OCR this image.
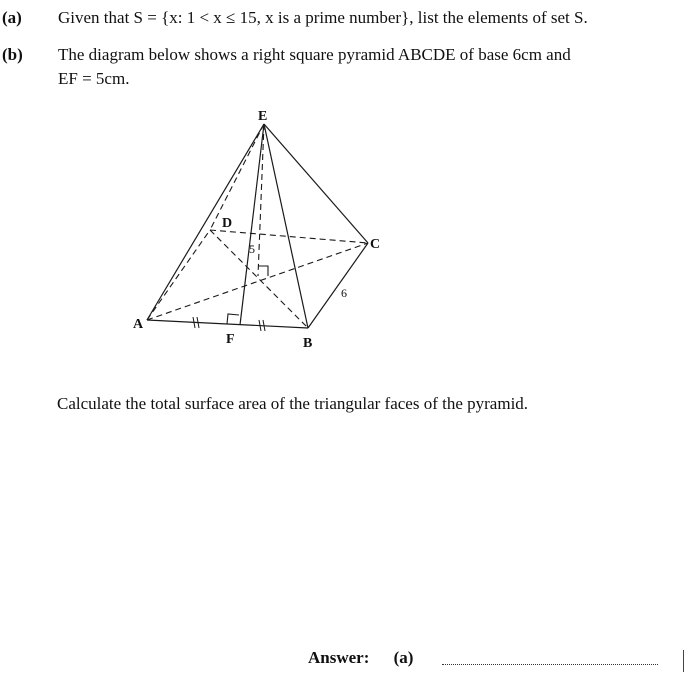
(a) Given that S = {x: 1 < x ≤ 15, x is a prime number}, list the elements of set S.
(b) The diagram below shows a right square pyramid ABCDE of base 6cm and
EF = 5cm.
E
A
B
C
D
F
5
6
Calculate the total surface area of the triangular faces of the pyramid.
Answer: (a)
